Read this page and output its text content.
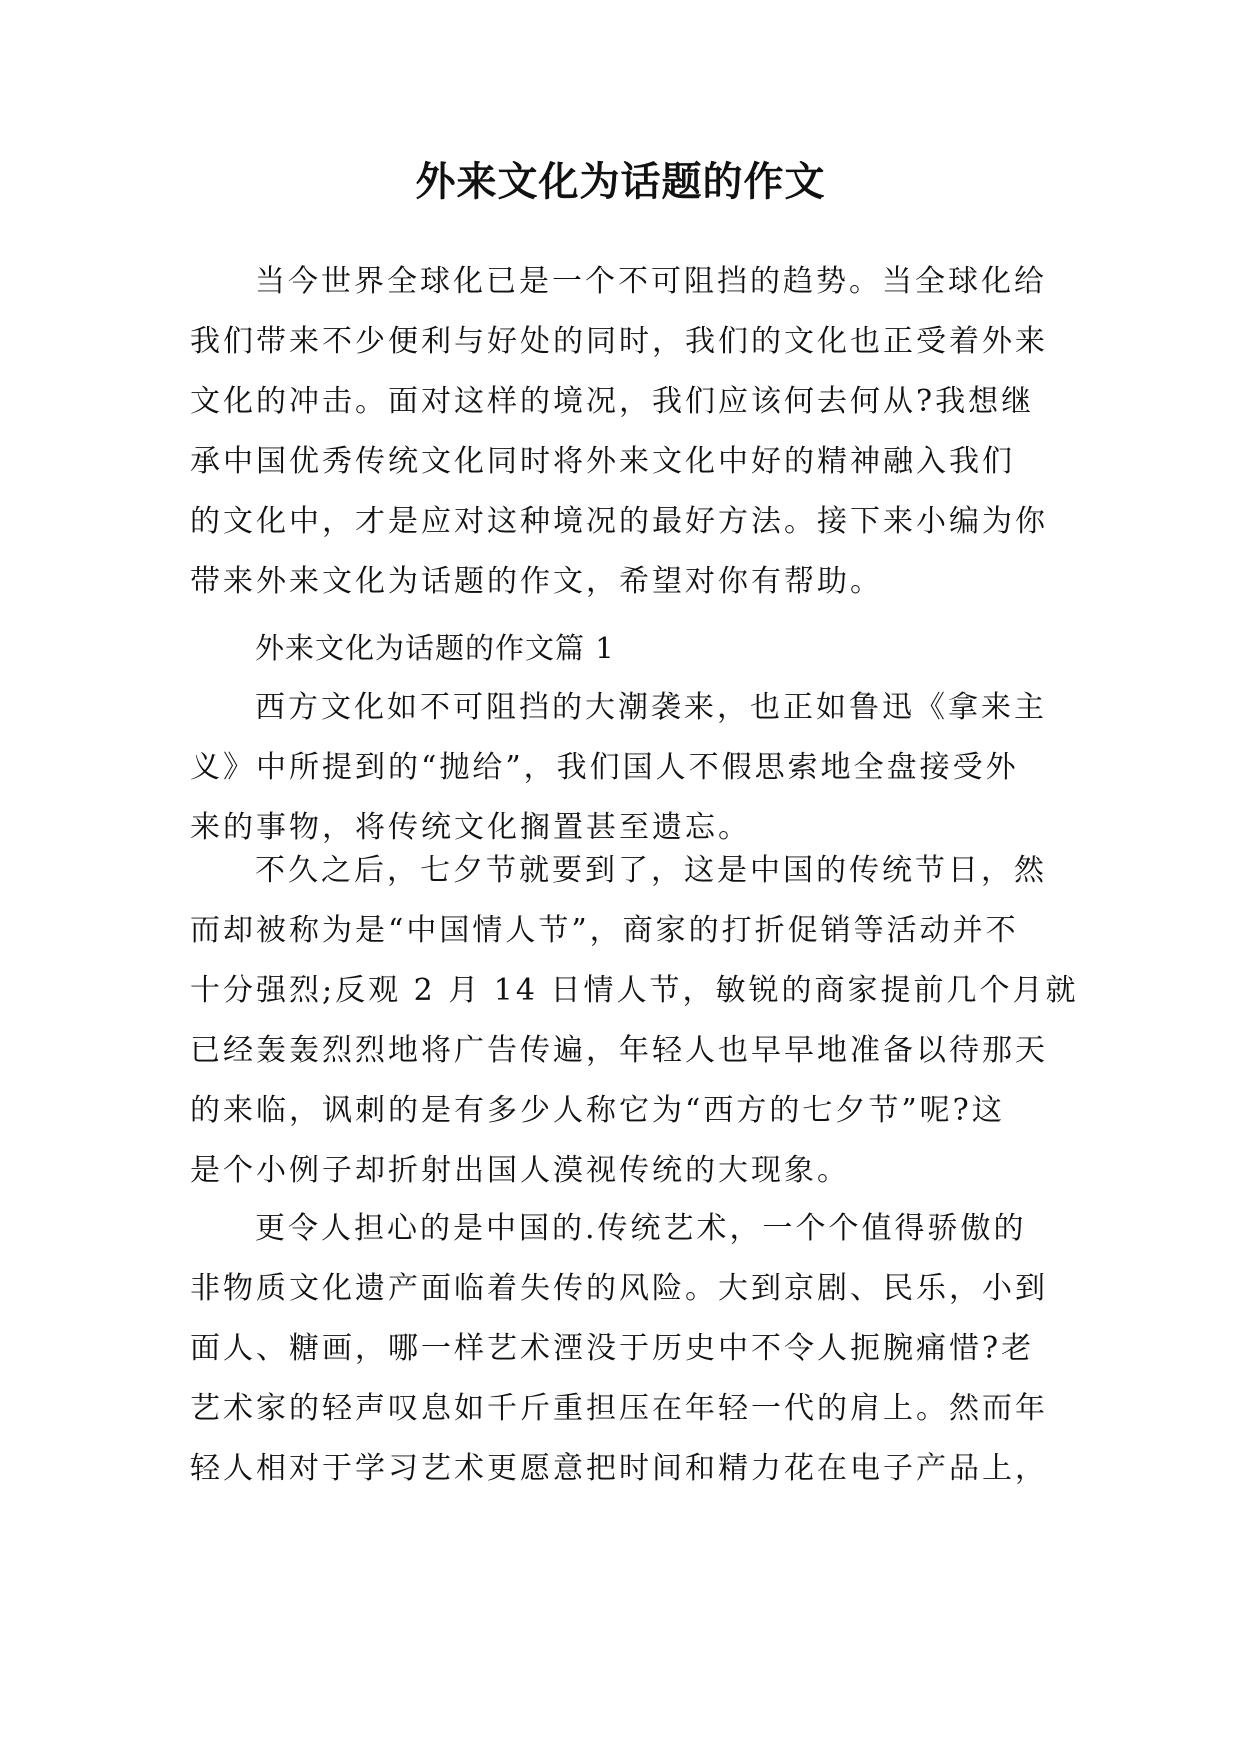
外来文化为话题的作文
当今世界全球化已是一个不可阻挡的趋势。当全球化给
我们带来不少便利与好处的同时，我们的文化也正受着外来
文化的冲击。面对这样的境况，我们应该何去何从?我想继
承中国优秀传统文化同时将外来文化中好的精神融入我们
的文化中，才是应对这种境况的最好方法。接下来小编为你
带来外来文化为话题的作文，希望对你有帮助。
外来文化为话题的作文篇 1
西方文化如不可阻挡的大潮袭来，也正如鲁迅《拿来主
义》中所提到的“抛给”，我们国人不假思索地全盘接受外
来的事物，将传统文化搁置甚至遗忘。
不久之后，七夕节就要到了，这是中国的传统节日，然
而却被称为是“中国情人节”，商家的打折促销等活动并不
十分强烈;反观 2 月 14 日情人节，敏锐的商家提前几个月就
已经轰轰烈烈地将广告传遍，年轻人也早早地准备以待那天
的来临，讽刺的是有多少人称它为“西方的七夕节”呢?这
是个小例子却折射出国人漠视传统的大现象。
更令人担心的是中国的.传统艺术，一个个值得骄傲的
非物质文化遗产面临着失传的风险。大到京剧、民乐，小到
面人、糖画，哪一样艺术湮没于历史中不令人扼腕痛惜?老
艺术家的轻声叹息如千斤重担压在年轻一代的肩上。然而年
轻人相对于学习艺术更愿意把时间和精力花在电子产品上，
